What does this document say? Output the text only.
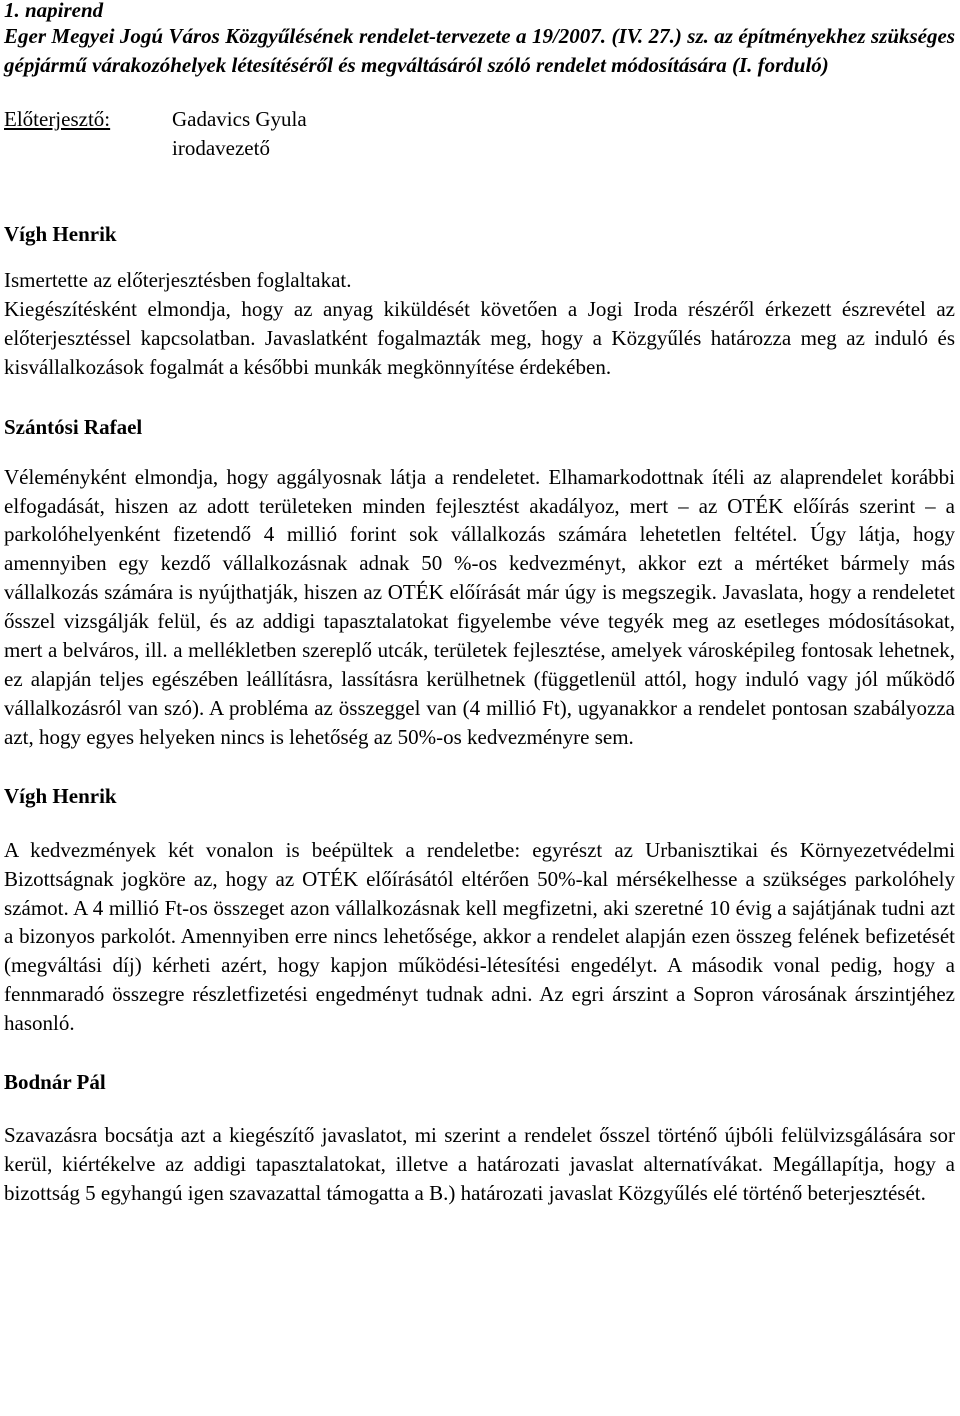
1. napirend

Eger Megyei Jogú Város Közgyűlésének rendelet-tervezete a 19/2007. (IV. 27.) sz. az építményekhez szükséges gépjármű várakozóhelyek létesítéséről és megváltásáról szóló rendelet módosítására (I. forduló)

Előterjesztő:	Gadavics Gyula
irodavezető
Vígh Henrik

Ismertette az előterjesztésben foglaltakat.

Kiegészítésként elmondja, hogy az anyag kiküldését követően a Jogi Iroda részéről érkezett észrevétel az előterjesztéssel kapcsolatban. Javaslatként fogalmazták meg, hogy a Közgyűlés határozza meg az induló és kisvállalkozások fogalmát a későbbi munkák megkönnyítése érdekében.

Szántósi Rafael

Véleményként elmondja, hogy aggályosnak látja a rendeletet. Elhamarkodottnak ítéli az alaprendelet korábbi elfogadását, hiszen az adott területeken minden fejlesztést akadályoz, mert – az OTÉK előírás szerint – a parkolóhelyenként fizetendő 4 millió forint sok vállalkozás számára lehetetlen feltétel. Úgy látja, hogy amennyiben egy kezdő vállalkozásnak adnak 50 %-os kedvezményt, akkor ezt a mértéket bármely más vállalkozás számára is nyújthatják, hiszen az OTÉK előírását már úgy is megszegik. Javaslata, hogy a rendeletet ősszel vizsgálják felül, és az addigi tapasztalatokat figyelembe véve tegyék meg az esetleges módosításokat, mert a belváros, ill. a mellékletben szereplő utcák, területek fejlesztése, amelyek városképileg fontosak lehetnek, ez alapján teljes egészében leállításra, lassításra kerülhetnek (függetlenül attól, hogy induló vagy jól működő vállalkozásról van szó). A probléma az összeggel van (4 millió Ft), ugyanakkor a rendelet pontosan szabályozza azt, hogy egyes helyeken nincs is lehetőség az 50%-os kedvezményre sem.

Vígh Henrik

A kedvezmények két vonalon is beépültek a rendeletbe: egyrészt az Urbanisztikai és Környezetvédelmi Bizottságnak jogköre az, hogy az OTÉK előírásától eltérően 50%-kal mérsékelhesse a szükséges parkolóhely számot. A 4 millió Ft-os összeget azon vállalkozásnak kell megfizetni, aki szeretné 10 évig a sajátjának tudni azt a bizonyos parkolót. Amennyiben erre nincs lehetősége, akkor a rendelet alapján ezen összeg felének befizetését (megváltási díj) kérheti azért, hogy kapjon működési-létesítési engedélyt. A második vonal pedig, hogy a fennmaradó összegre részletfizetési engedményt tudnak adni. Az egri árszint a Sopron városának árszintjéhez hasonló.

Bodnár Pál

Szavazásra bocsátja azt a kiegészítő javaslatot, mi szerint a rendelet ősszel történő újbóli felülvizsgálására sor kerül, kiértékelve az addigi tapasztalatokat, illetve a határozati javaslat alternatívákat. Megállapítja, hogy a bizottság 5 egyhangú igen szavazattal támogatta a B.) határozati javaslat Közgyűlés elé történő beterjesztését.
